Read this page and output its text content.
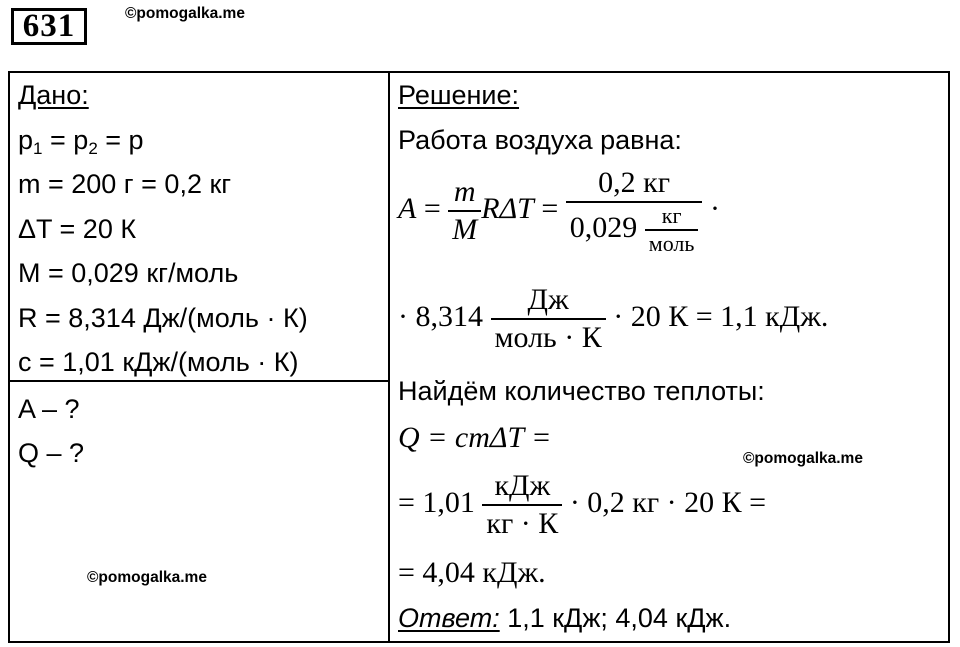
631	©pomogalka.me
Дано:
$p_1 = p_2 = p$
m = 200 г = 0,2 кг
ΔT = 20 К
M = 0,029 кг/моль
R = 8,314 Дж/(моль · К)
c = 1,01 кДж/(моль · К)
A – ?
Q – ?
©pomogalka.me
Решение:
Работа воздуха равна:
$A = \frac{m}{M}$ $R\Delta T = \frac{0,2 кг}{0,029 \frac{кг}{\text{моль}}}$ ·
· $8,314 \frac{Дж}{\text{моль · К}} \cdot 20$ К = 1,1 кДж.
Найдём количество теплоты:
Q = cmΔT =
©pomogalka.me
= $1,01 \frac{\text{кДж}}{кг \cdot К} \cdot 0,2$ кг · 20 К =
= 4,04 кДж.
Ответ: 1,1 кДж; 4,04 кДж.
